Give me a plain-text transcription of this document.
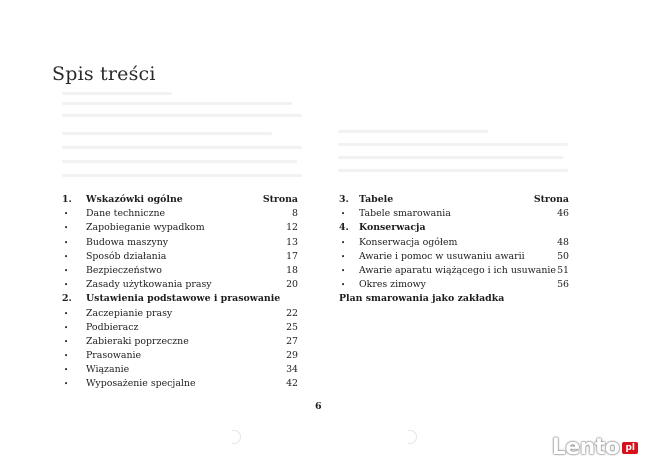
Spis treści
1. Wskazówki ogólne	Strona
• Dane techniczne	8
• Zapobieganie wypadkom	12
• Budowa maszyny	13
• Sposób działania	17
• Bezpieczeństwo	18
• Zasady użytkowania prasy	20
2. Ustawienia podstawowe i prasowanie
• Zaczepianie prasy	22
• Podbieracz	25
• Zabieraki poprzeczne	27
• Prasowanie	29
• Wiązanie	34
• Wyposażenie specjalne	42
3. Tabele	Strona
• Tabele smarowania	46
4. Konserwacja
• Konserwacja ogółem	48
• Awarie i pomoc w usuwaniu awarii	50
• Awarie aparatu wiążącego i ich usuwanie 51
• Okres zimowy	56
Plan smarowania jako zakładka
6
Lento pl
